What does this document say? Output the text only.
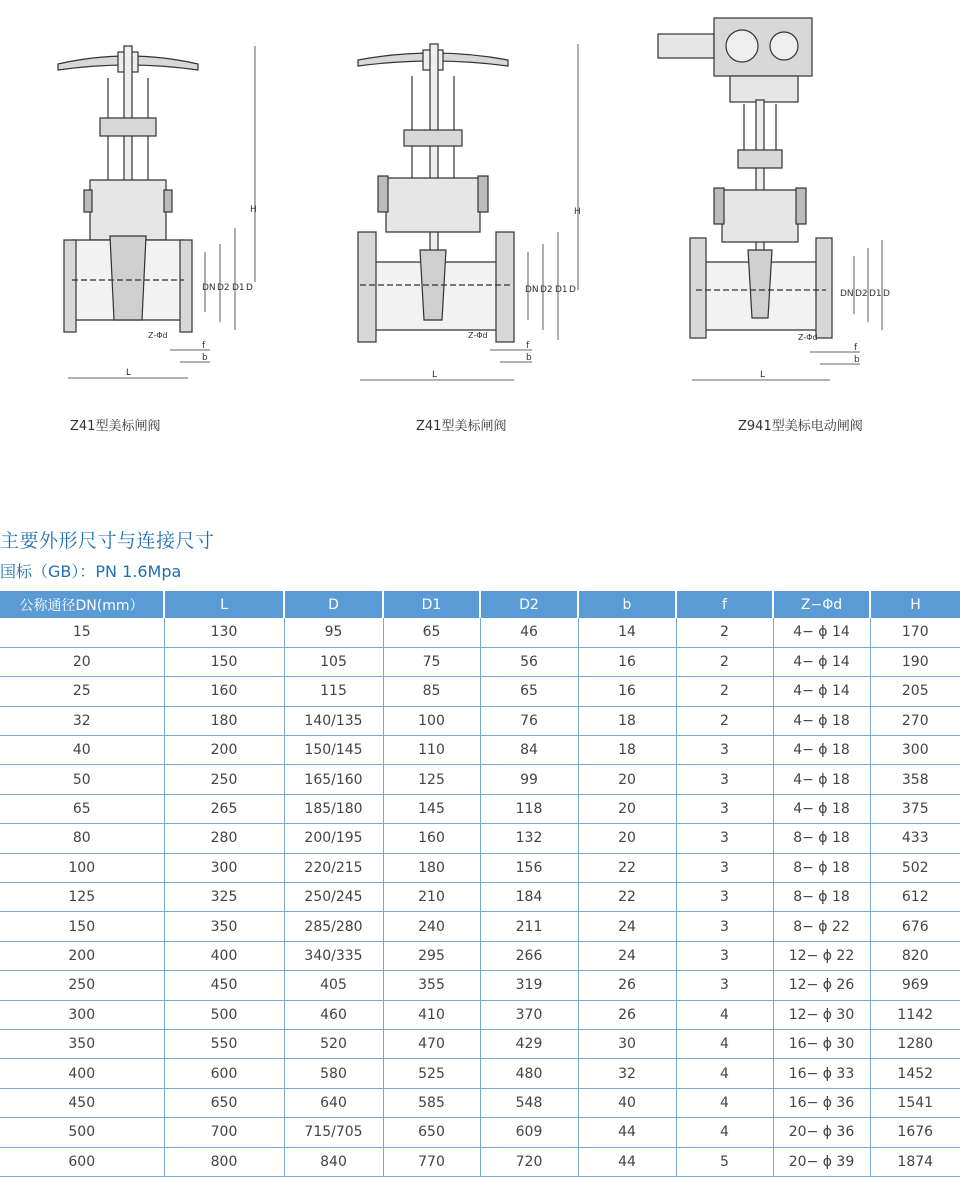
H
DN D2 D1 D
Z-Φd
f
b
L
H
DN D2 D1 D
Z-Φd
f
b
L
DN D2 D1 D
Z-Φd
f
b
L
Z41型美标闸阀	Z41型美标闸阀	Z941型美标电动闸阀
主要外形尺寸与连接尺寸
国标（GB）：PN 1.6Mpa
公称通径DN(mm）	L	D	D1	D2	b	f	Z−Φd	H
15	130	95	65	46	14	2	4− ϕ 14	170
20	150	105	75	56	16	2	4− ϕ 14	190
25	160	115	85	65	16	2	4− ϕ 14	205
32	180	140/135	100	76	18	2	4− ϕ 18	270
40	200	150/145	110	84	18	3	4− ϕ 18	300
50	250	165/160	125	99	20	3	4− ϕ 18	358
65	265	185/180	145	118	20	3	4− ϕ 18	375
80	280	200/195	160	132	20	3	8− ϕ 18	433
100	300	220/215	180	156	22	3	8− ϕ 18	502
125	325	250/245	210	184	22	3	8− ϕ 18	612
150	350	285/280	240	211	24	3	8− ϕ 22	676
200	400	340/335	295	266	24	3	12− ϕ 22	820
250	450	405	355	319	26	3	12− ϕ 26	969
300	500	460	410	370	26	4	12− ϕ 30	1142
350	550	520	470	429	30	4	16− ϕ 30	1280
400	600	580	525	480	32	4	16− ϕ 33	1452
450	650	640	585	548	40	4	16− ϕ 36	1541
500	700	715/705	650	609	44	4	20− ϕ 36	1676
600	800	840	770	720	44	5	20− ϕ 39	1874
